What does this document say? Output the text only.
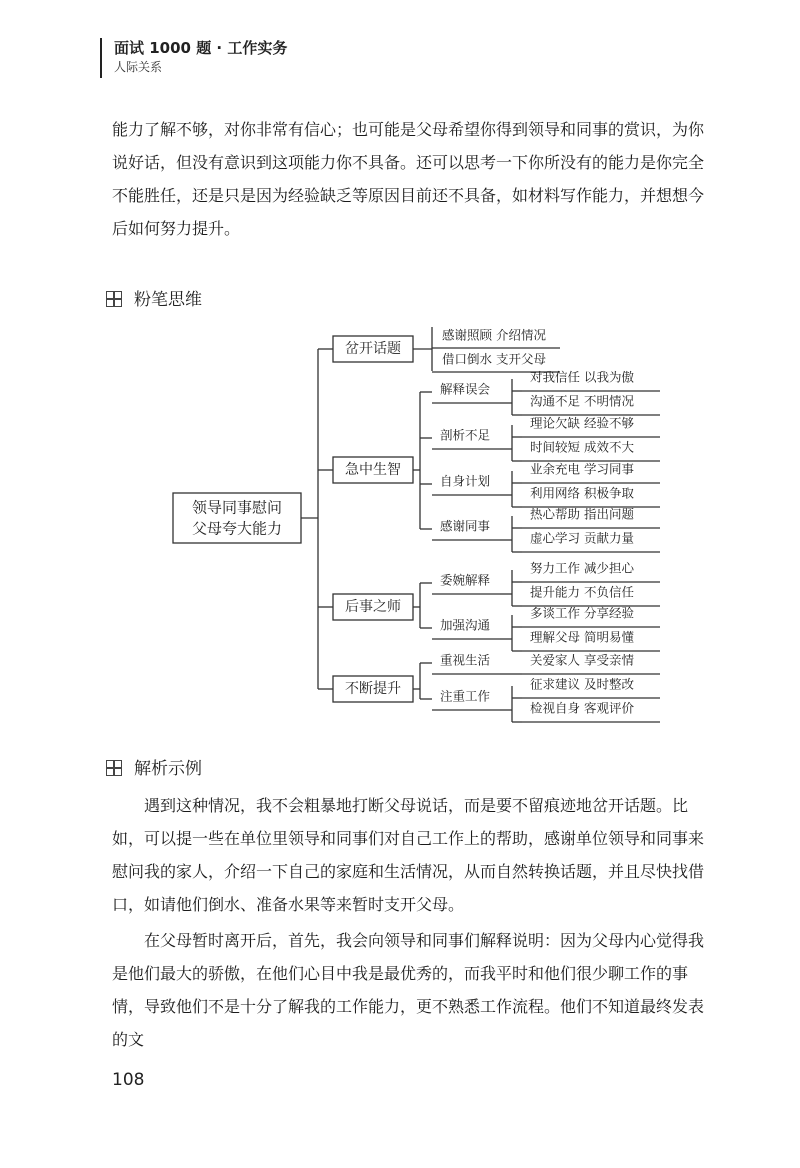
面试 1000 题 · 工作实务
人际关系

能力了解不够，对你非常有信心；也可能是父母希望你得到领导和同事的赏识，为你说好话，但没有意识到这项能力你不具备。还可以思考一下你所没有的能力是你完全不能胜任，还是只是因为经验缺乏等原因目前还不具备，如材料写作能力，并想想今后如何努力提升。

粉笔思维
领导同事慰问
父母夸大能力
岔开话题
感谢照顾 介绍情况
借口倒水 支开父母
急中生智
解释误会
对我信任 以我为傲
沟通不足 不明情况
剖析不足
理论欠缺 经验不够
时间较短 成效不大
自身计划
业余充电 学习同事
利用网络 积极争取
感谢同事
热心帮助 指出问题
虚心学习 贡献力量
后事之师
委婉解释
努力工作 减少担心
提升能力 不负信任
加强沟通
多谈工作 分享经验
理解父母 简明易懂
不断提升
重视生活	关爱家人 享受亲情
注重工作
征求建议 及时整改
检视自身 客观评价
解析示例

遇到这种情况，我不会粗暴地打断父母说话，而是要不留痕迹地岔开话题。比如，可以提一些在单位里领导和同事们对自己工作上的帮助，感谢单位领导和同事来慰问我的家人，介绍一下自己的家庭和生活情况，从而自然转换话题，并且尽快找借口，如请他们倒水、准备水果等来暂时支开父母。

在父母暂时离开后，首先，我会向领导和同事们解释说明：因为父母内心觉得我是他们最大的骄傲，在他们心目中我是最优秀的，而我平时和他们很少聊工作的事情，导致他们不是十分了解我的工作能力，更不熟悉工作流程。他们不知道最终发表的文

108
